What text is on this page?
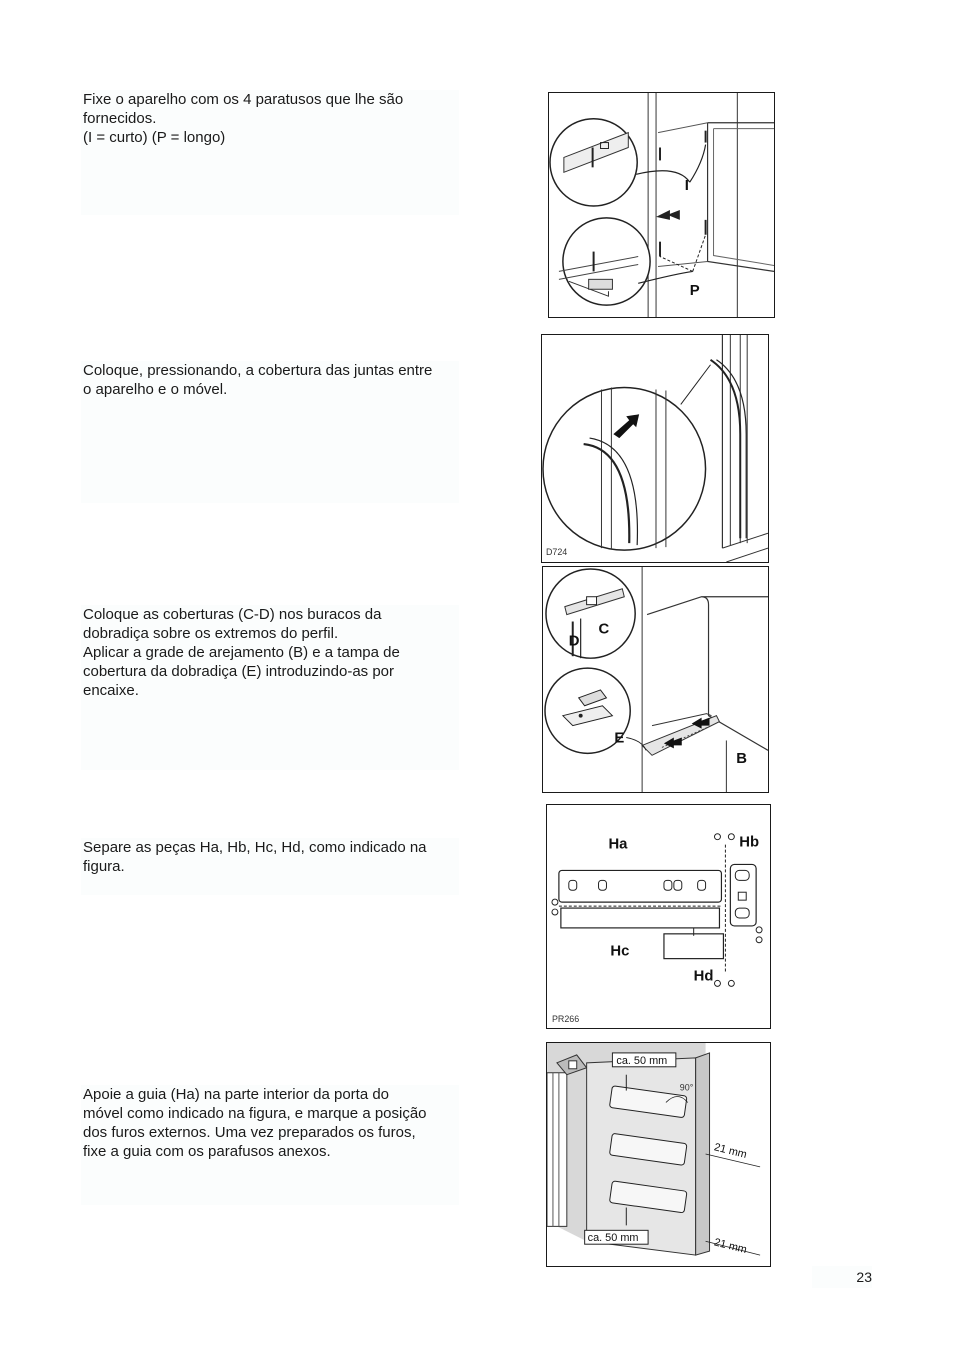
Fixe o aparelho com os 4 paratusos que lhe são

fornecidos.

(I = curto) (P = longo)

I
P

Coloque, pressionando, a cobertura das juntas entre

o aparelho e o móvel.

D724

Coloque as coberturas (C-D) nos buracos da

dobradiça sobre os extremos do perfil.

Aplicar a grade de arejamento (B) e a tampa de

cobertura da dobradiça (E) introduzindo-as por

encaixe.

C
D
E
B

Separe as peças Ha, Hb, Hc, Hd, como indicado na

figura.

Ha	Hb
Hc
Hd
PR266

Apoie a guia (Ha) na parte interior da porta do

móvel como indicado na figura, e marque a posição

dos furos externos. Uma vez preparados os furos,

fixe a guia com os parafusos anexos.

ca. 50 mm
90°
21 mm
ca. 50 mm	21 mm
23
